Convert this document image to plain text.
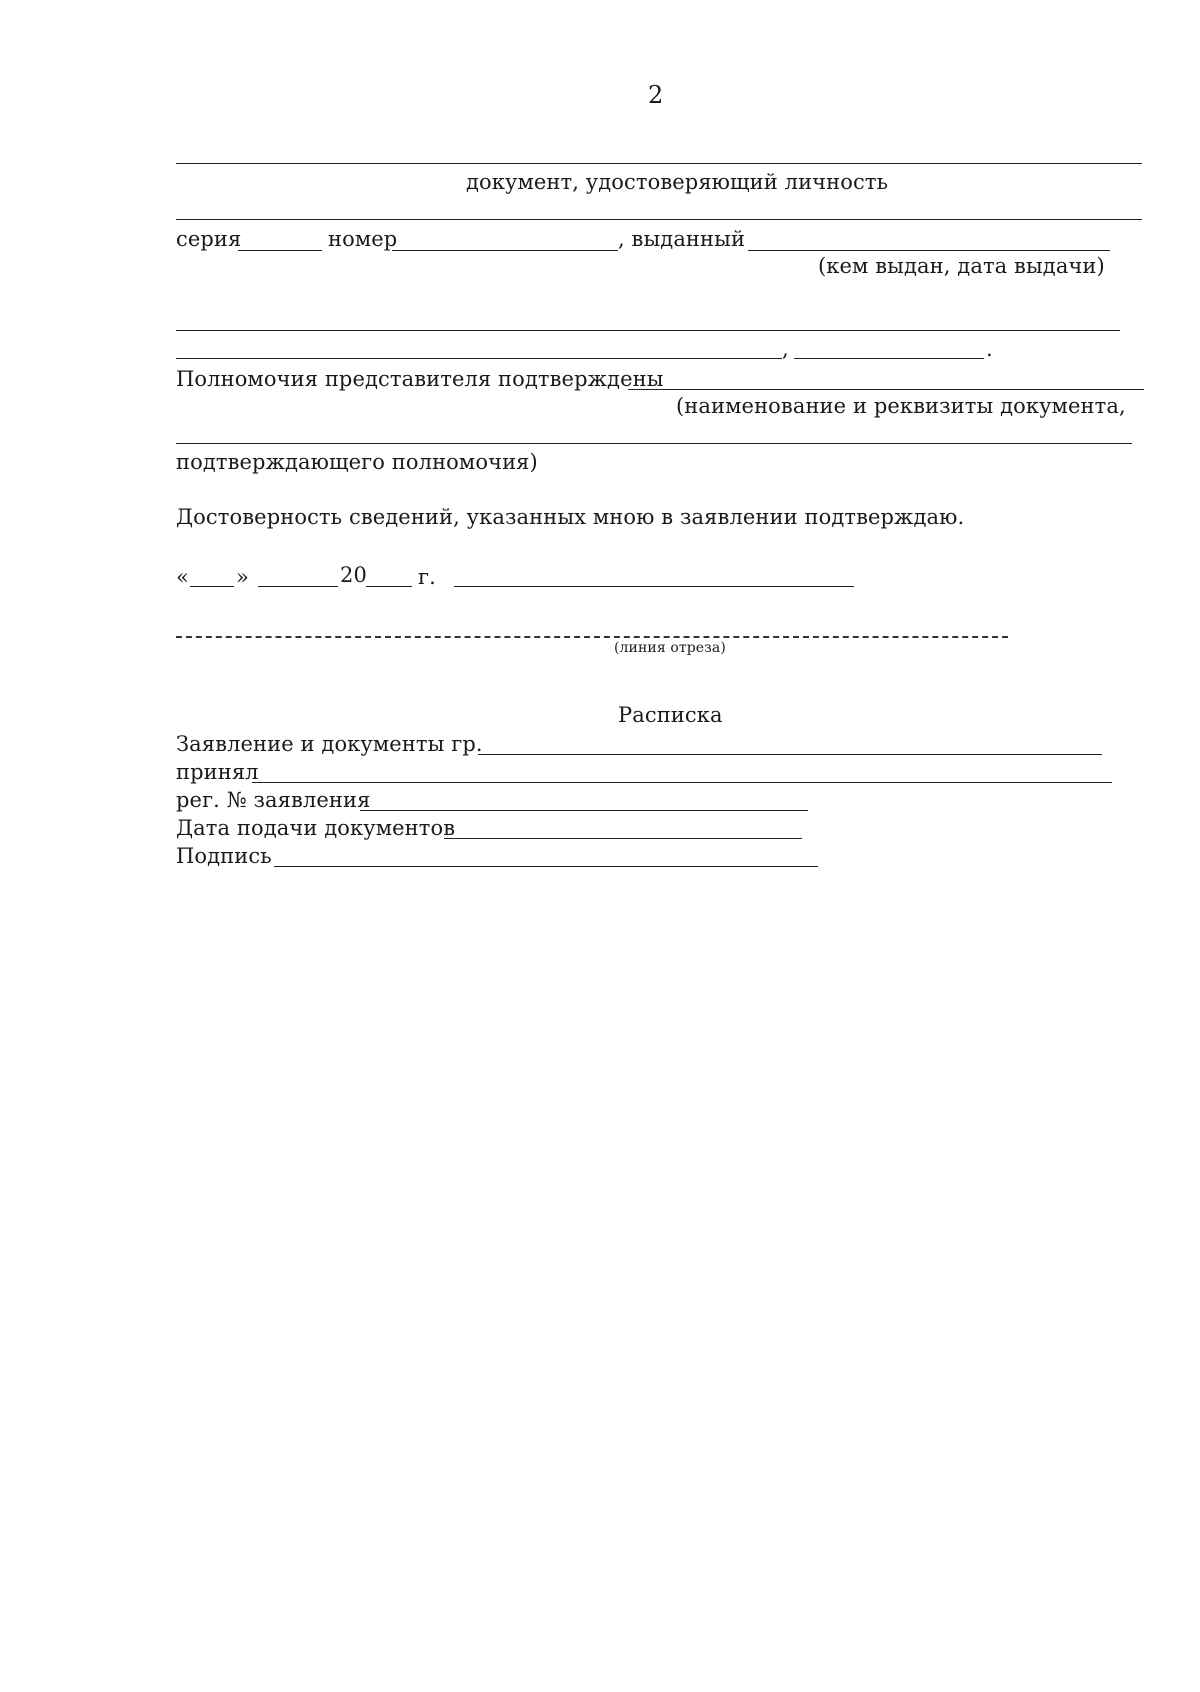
2
документ, удостоверяющий личность
серия	номер	, выданный
(кем выдан, дата выдачи)
,	.
Полномочия представителя подтверждены
(наименование и реквизиты документа,
подтверждающего полномочия)
Достоверность сведений, указанных мною в заявлении подтверждаю.
« »	20 г.
(линия отреза)
Расписка
Заявление и документы гр.
принял
рег. № заявления
Дата подачи документов
Подпись
